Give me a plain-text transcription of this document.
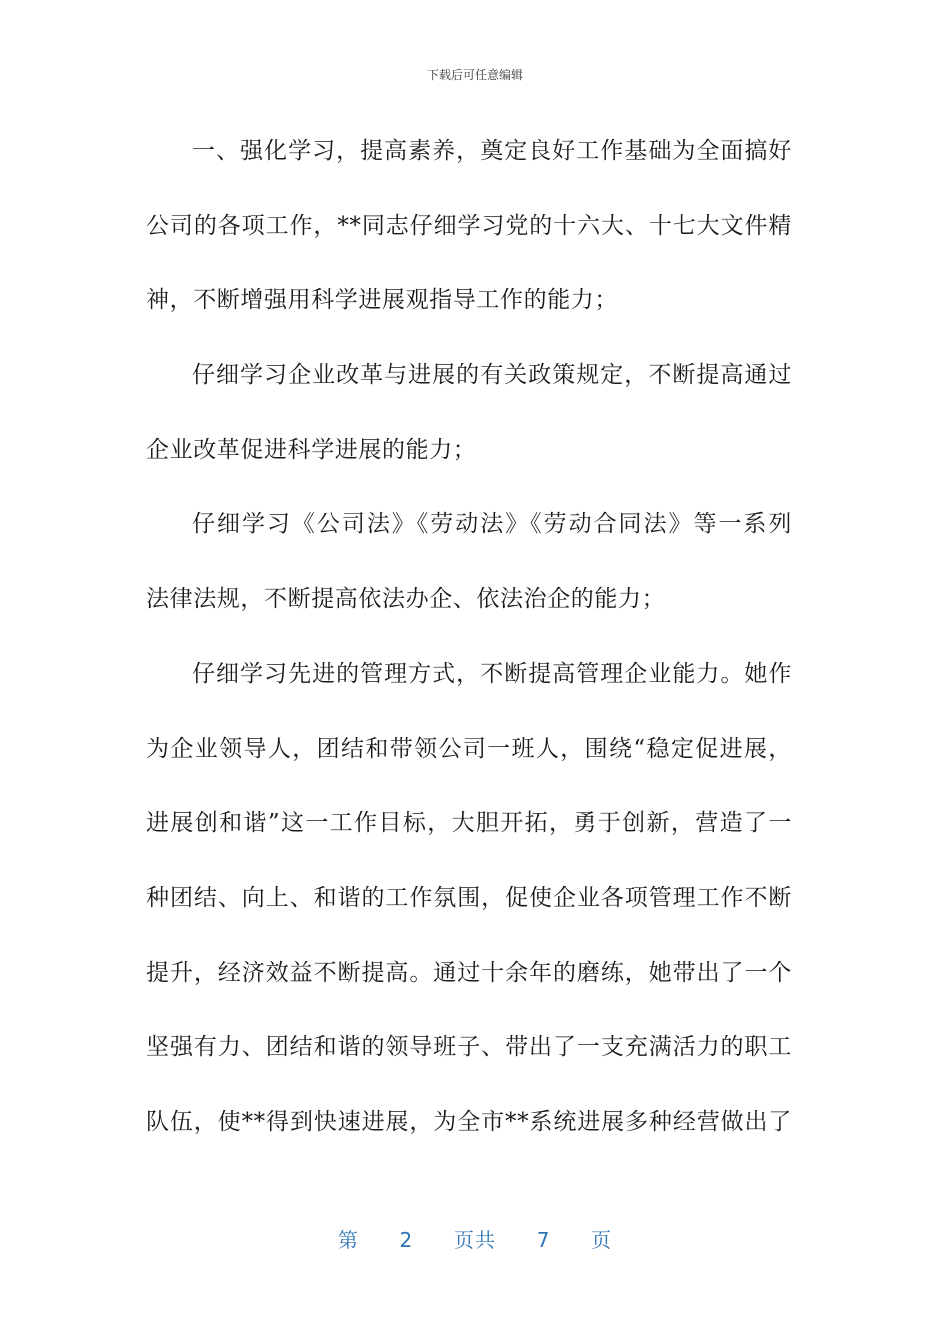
下载后可任意编辑
一、强化学习，提高素养，奠定良好工作基础为全面搞好
公司的各项工作，**同志仔细学习党的十六大、十七大文件精
神，不断增强用科学进展观指导工作的能力；
仔细学习企业改革与进展的有关政策规定，不断提高通过
企业改革促进科学进展的能力；
仔细学习《公司法》《劳动法》《劳动合同法》等一系列
法律法规，不断提高依法办企、依法治企的能力；
仔细学习先进的管理方式，不断提高管理企业能力。她作
为企业领导人，团结和带领公司一班人，围绕“稳定促进展，
进展创和谐”这一工作目标，大胆开拓，勇于创新，营造了一
种团结、向上、和谐的工作氛围，促使企业各项管理工作不断
提升，经济效益不断提高。通过十余年的磨练，她带出了一个
坚强有力、团结和谐的领导班子、带出了一支充满活力的职工
队伍，使**得到快速进展，为全市**系统进展多种经营做出了
第 2 页共 7 页
